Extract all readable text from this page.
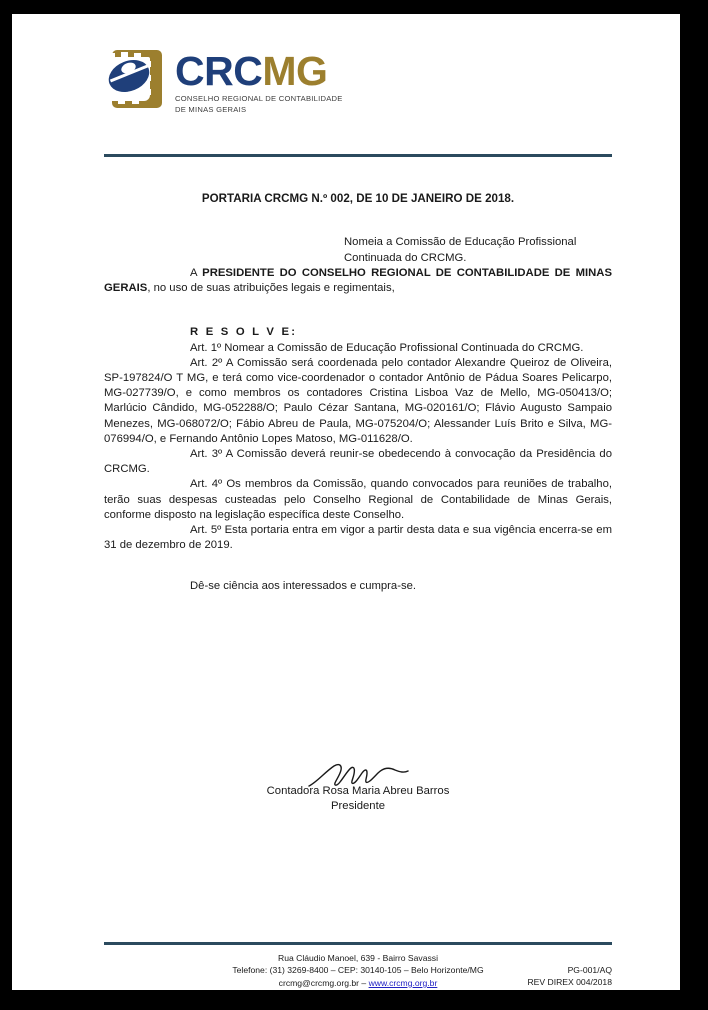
CRCMG
CONSELHO REGIONAL DE CONTABILIDADE
DE MINAS GERAIS
PORTARIA CRCMG N.º 002, DE 10 DE JANEIRO DE 2018.
Nomeia a Comissão de Educação Profissional Continuada do CRCMG.

A PRESIDENTE DO CONSELHO REGIONAL DE CONTABILIDADE DE MINAS GERAIS, no uso de suas atribuições legais e regimentais,

R E S O L V E:

Art. 1º Nomear a Comissão de Educação Profissional Continuada do CRCMG.

Art. 2º A Comissão será coordenada pelo contador Alexandre Queiroz de Oliveira, SP-197824/O T MG, e terá como vice-coordenador o contador Antônio de Pádua Soares Pelicarpo, MG-027739/O, e como membros os contadores Cristina Lisboa Vaz de Mello, MG-050413/O; Marlúcio Cândido, MG-052288/O; Paulo Cézar Santana, MG-020161/O; Flávio Augusto Sampaio Menezes, MG-068072/O; Fábio Abreu de Paula, MG-075204/O; Alessander Luís Brito e Silva, MG-076994/O, e Fernando Antônio Lopes Matoso, MG-011628/O.

Art. 3º A Comissão deverá reunir-se obedecendo à convocação da Presidência do CRCMG.

Art. 4º Os membros da Comissão, quando convocados para reuniões de trabalho, terão suas despesas custeadas pelo Conselho Regional de Contabilidade de Minas Gerais, conforme disposto na legislação específica deste Conselho.

Art. 5º Esta portaria entra em vigor a partir desta data e sua vigência encerra-se em 31 de dezembro de 2019.

Dê-se ciência aos interessados e cumpra-se.
Contadora Rosa Maria Abreu Barros
Presidente
Rua Cláudio Manoel, 639 - Bairro Savassi
Telefone: (31) 3269-8400 – CEP: 30140-105 – Belo Horizonte/MG
crcmg@crcmg.org.br – www.crcmg.org.br
PG-001/AQ
REV DIREX 004/2018
